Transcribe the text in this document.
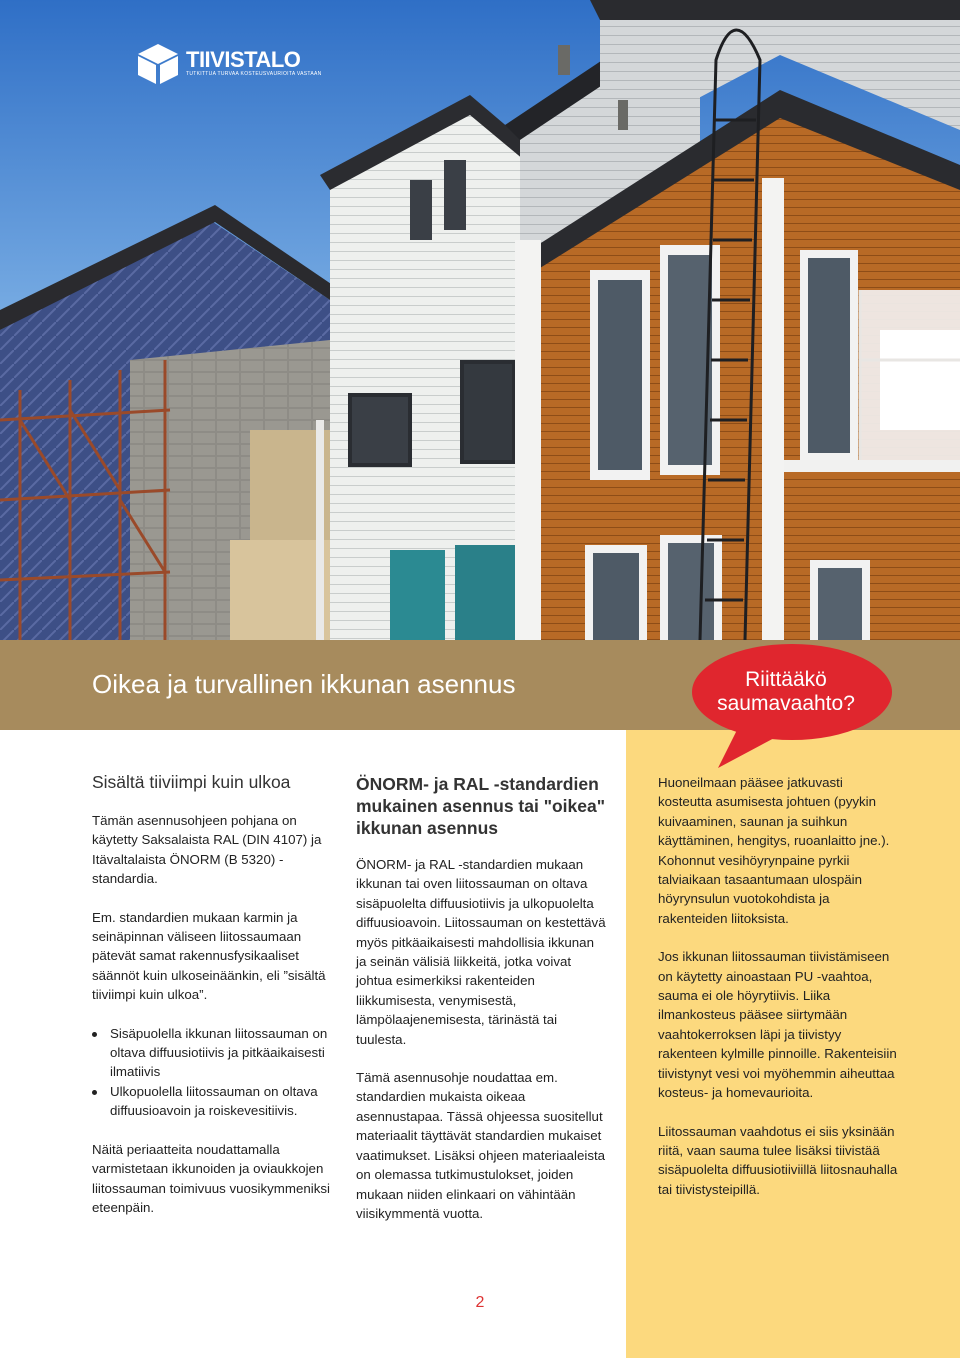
TIIVISTALO
TUTKITTUA TURVAA KOSTEUSVAURIOITA VASTAAN
Oikea ja turvallinen ikkunan asennus	Riittääkö
saumavaahto?

Sisältä tiiviimpi kuin ulkoa

Tämän asennusohjeen pohjana on käytetty Saksalaista RAL (DIN 4107) ja Itävaltalaista ÖNORM (B 5320) -standardia.

Em. standardien mukaan karmin ja seinäpinnan väliseen liitossaumaan pätevät samat rakennusfysikaaliset säännöt kuin ulkoseinäänkin, eli ”sisältä tiiviimpi kuin ulkoa”.

Sisäpuolella ikkunan liitossauman on oltava diffuusiotiivis ja pitkäaikaisesti ilmatiivis
Ulkopuolella liitossauman on oltava diffuusioavoin ja roiskevesitiivis.

Näitä periaatteita noudattamalla varmistetaan ikkunoiden ja oviaukkojen liitossauman toimivuus vuosikymmeniksi eteenpäin.

ÖNORM- ja RAL -standardien mukainen asennus tai "oikea" ikkunan asennus

ÖNORM- ja RAL -standardien mukaan ikkunan tai oven liitossauman on oltava sisäpuolelta diffuusiotiivis ja ulkopuolelta diffuusioavoin. Liitossauman on kestettävä myös pitkäaikaisesti mahdollisia ikkunan ja seinän välisiä liikkeitä, jotka voivat johtua esimerkiksi rakenteiden liikkumisesta, venymisestä, lämpölaajenemisesta, tärinästä tai tuulesta.

Tämä asennusohje noudattaa em. standardien mukaista oikeaa asennustapaa. Tässä ohjeessa suositellut materiaalit täyttävät standardien mukaiset vaatimukset. Lisäksi ohjeen materiaaleista on olemassa tutkimustulokset, joiden mukaan niiden elinkaari on vähintään viisikymmentä vuotta.

Huoneilmaan pääsee jatkuvasti kosteutta asumisesta johtuen (pyykin kuivaaminen, saunan ja suihkun käyttäminen, hengitys, ruoanlaitto jne.). Kohonnut vesihöyrynpaine pyrkii talviaikaan tasaantumaan ulospäin höyrynsulun vuotokohdista ja rakenteiden liitoksista.

Jos ikkunan liitossauman tiivistämiseen on käytetty ainoastaan PU -vaahtoa, sauma ei ole höyrytiivis. Liika ilmankosteus pääsee siirtymään vaahtokerroksen läpi ja tiivistyy rakenteen kylmille pinnoille. Rakenteisiin tiivistynyt vesi voi myöhemmin aiheuttaa kosteus- ja homevaurioita.

Liitossauman vaahdotus ei siis yksinään riitä, vaan sauma tulee lisäksi tiivistää sisäpuolelta diffuusiotiiviillä liitosnauhalla tai tiivistysteipillä.

2
